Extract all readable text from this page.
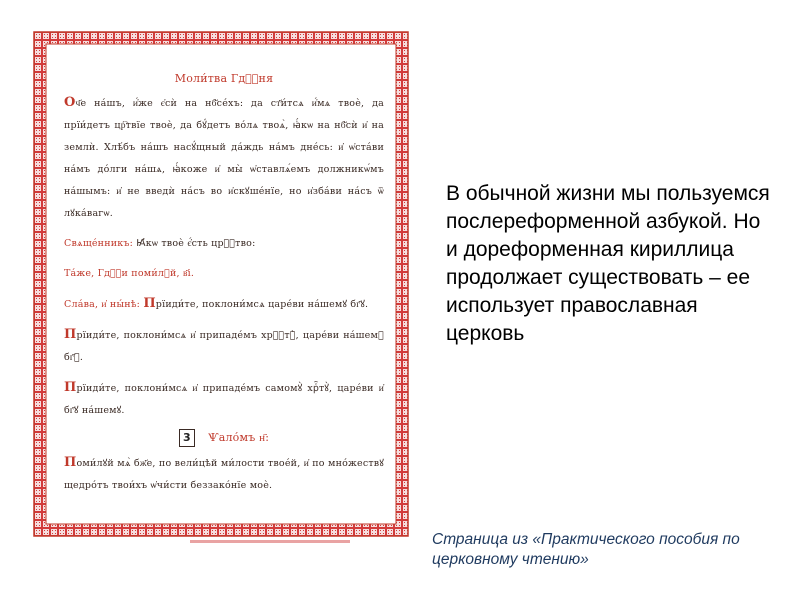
Моли́тва Гдⷭ҇ня

Оч҃е на́шъ, и҆́же є҆сѝ на нб҃се́хъ: да ст҃и́тсѧ и҆́мѧ твоѐ, да прїи́детъ цр҇твїе твоѐ, да бꙋ́детъ во́лѧ твоѧ̀, ꙗ҆́кѡ на нб҃сѝ и҆ на землѝ. Хлѣ́бъ на́шъ насꙋ́щный да́ждь на́мъ дне́сь: и҆ ѡ҆ста́ви на́мъ до́лги на́шѧ, ꙗ҆́коже и҆ мы̀ ѡ҆ставлѧ́емъ должникѡ́мъ на́шымъ: и҆ не введѝ на́съ во и҆скꙋше́нїе, но и҆зба́ви на́съ ѿ лꙋка́вагѡ.

Свѧще́нникъ: Ꙗ҆́кѡ твоѐ є҆́сть црⷭ҇тво:

Та́же, Гдⷭ҇и поми́лꙋй, в҃і.

Сла́ва, и҆ ны́нѣ: Прїиди́те, поклони́мсѧ царе́ви на́шемꙋ бг҃ꙋ.

Прїиди́те, поклони́мсѧ и҆ припаде́мъ хрⷭ҇тꙋ̀, царе́ви на́шемꙋ бг҃ꙋ.

Прїиди́те, поклони́мсѧ и҆ припаде́мъ самомꙋ̀ хрⷭ҇тꙋ̀, царе́ви и҆ бг҃ꙋ на́шемꙋ.

3 Ѱало́мъ н҃:

Поми́лꙋй мѧ̀ бж҃е, по вели́цѣй ми́лости твое́й, и҆ по мно́жествꙋ щедро́тъ твои́хъ ѡ҆чи́сти беззако́нїе моѐ.

В обычной жизни мы пользуемся послереформенной азбукой. Но и дореформенная кириллица продолжает существовать – ее использует православная церковь

Страница из «Практического пособия по церковному чтению»
